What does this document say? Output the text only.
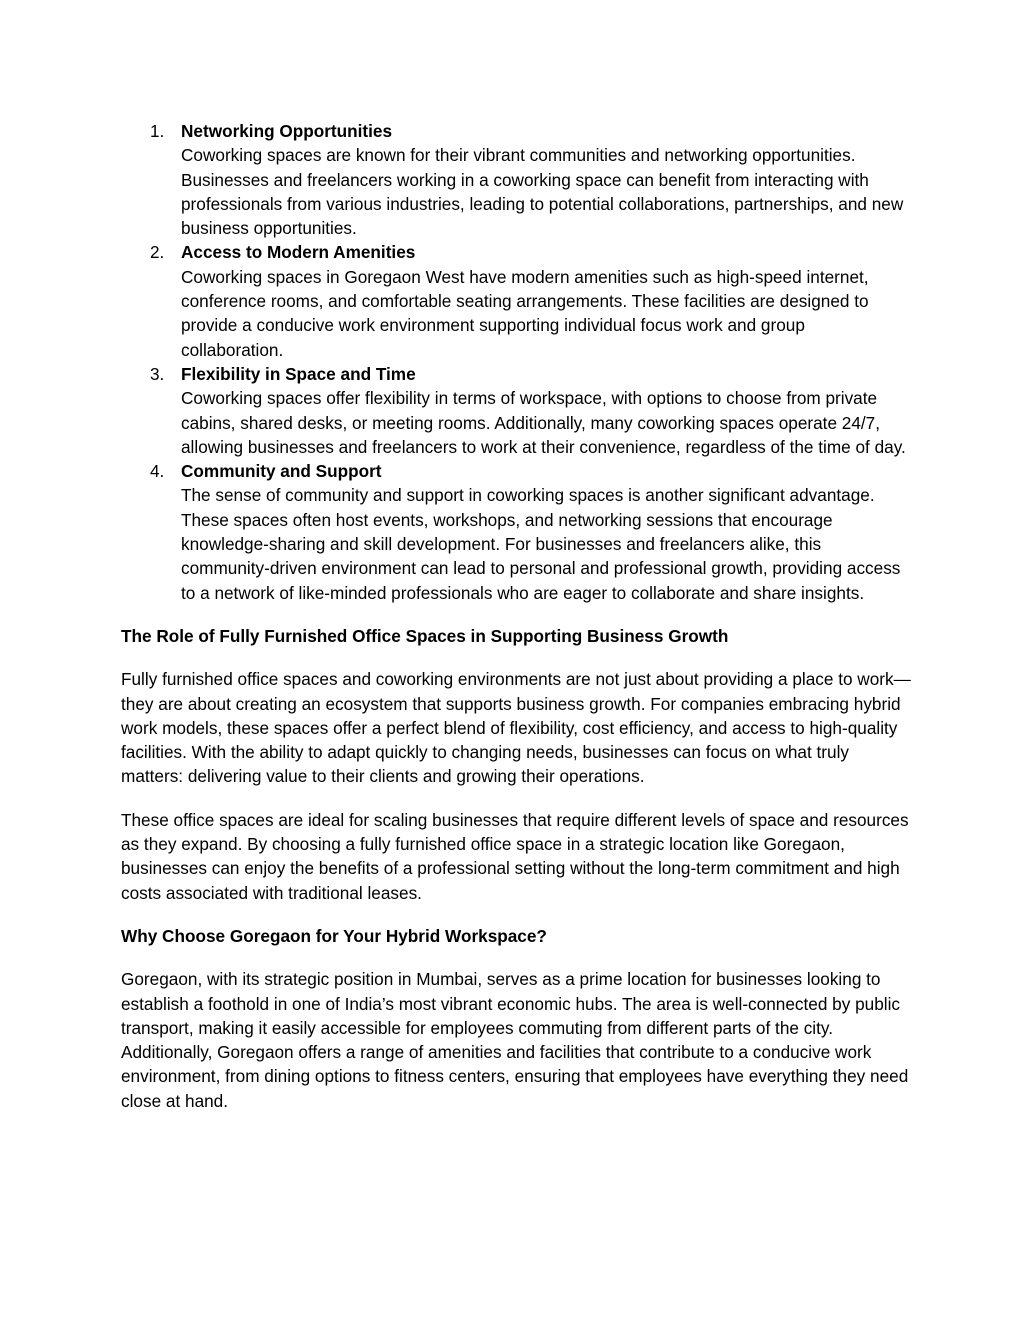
1. Networking Opportunities
Coworking spaces are known for their vibrant communities and networking opportunities. Businesses and freelancers working in a coworking space can benefit from interacting with professionals from various industries, leading to potential collaborations, partnerships, and new business opportunities.
2. Access to Modern Amenities
Coworking spaces in Goregaon West have modern amenities such as high-speed internet, conference rooms, and comfortable seating arrangements. These facilities are designed to provide a conducive work environment supporting individual focus work and group collaboration.
3. Flexibility in Space and Time
Coworking spaces offer flexibility in terms of workspace, with options to choose from private cabins, shared desks, or meeting rooms. Additionally, many coworking spaces operate 24/7, allowing businesses and freelancers to work at their convenience, regardless of the time of day.
4. Community and Support
The sense of community and support in coworking spaces is another significant advantage. These spaces often host events, workshops, and networking sessions that encourage knowledge-sharing and skill development. For businesses and freelancers alike, this community-driven environment can lead to personal and professional growth, providing access to a network of like-minded professionals who are eager to collaborate and share insights.
The Role of Fully Furnished Office Spaces in Supporting Business Growth

Fully furnished office spaces and coworking environments are not just about providing a place to work—they are about creating an ecosystem that supports business growth. For companies embracing hybrid work models, these spaces offer a perfect blend of flexibility, cost efficiency, and access to high-quality facilities. With the ability to adapt quickly to changing needs, businesses can focus on what truly matters: delivering value to their clients and growing their operations.

These office spaces are ideal for scaling businesses that require different levels of space and resources as they expand. By choosing a fully furnished office space in a strategic location like Goregaon, businesses can enjoy the benefits of a professional setting without the long-term commitment and high costs associated with traditional leases.

Why Choose Goregaon for Your Hybrid Workspace?

Goregaon, with its strategic position in Mumbai, serves as a prime location for businesses looking to establish a foothold in one of India’s most vibrant economic hubs. The area is well-connected by public transport, making it easily accessible for employees commuting from different parts of the city. Additionally, Goregaon offers a range of amenities and facilities that contribute to a conducive work environment, from dining options to fitness centers, ensuring that employees have everything they need close at hand.
